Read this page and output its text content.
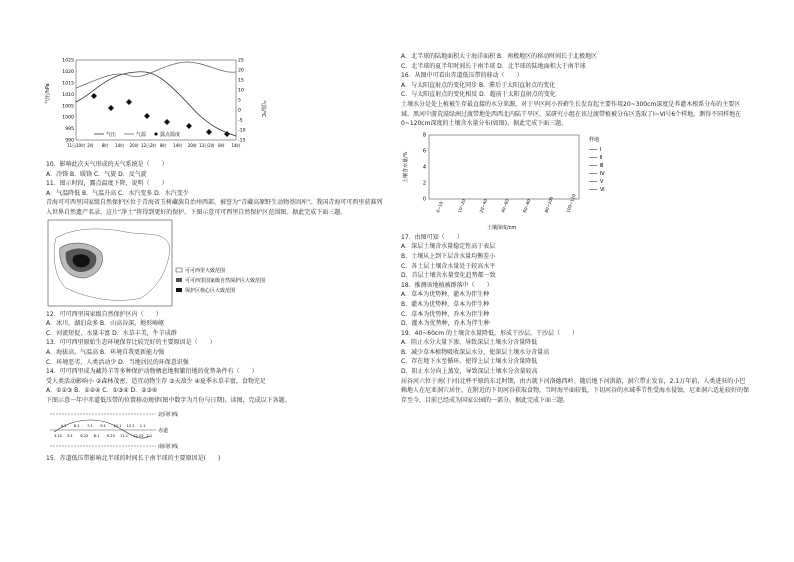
气压/hPa
气温/℃
1025
1020
1015
1010
1005
1000
995
990
25
20
15
10
5
0
-5
-10
-15
11日20时 2时 8时 14时 20时 12日2时 8时 14时 20时 13日2时 8时 14时
气压	气温	露点温度
10．影响此次天气形成的天气系统是（　　）
A．冷锋 B．暖锋 C．气旋 D．反气旋
11．图示时段，露点温度下降，说明（　　）
A．气温降低 B．气温升高 C．水汽变多 D．水汽变少
青海可可西里国家级自然保护区位于青海省玉树藏族自治州西部，被誉为“青藏高原野生动物基因库”。我国青海可可西里获准列入世界自然遗产名录，这片“净土”将得到更好的保护。下图示意可可西里自然保护区范围图。据此完成下面三题。
可可西里大致范围
可可西里国家级自然保护区大致范围
保护区核心区大致范围
12．可可西里国家级自然保护区内（　　）
A．冰川、湖泊众多 B．山高谷深，地形崎岖
C．河流短促，水量丰富 D．水草丰美，牛羊成群
13．可可西里原始生态环境保存比较完好的主要原因是（　　）
A．海拔高，气温高 B．环境自我更新能力强
C．环境恶劣，人类活动少 D．当地居民的环保意识强
14．可可西里成为藏羚羊等多种保护动物栖息地和繁衍地的优势条件有（　　）
受人类活动影响小 ②森林茂密，适宜动物生存 ③天敌少 ④夏季水草丰富，食物充足
A．①②③ B．①②④ C．①③④ D．②③④
下图示意一年中赤道低压带的位置移动规律(图中数字为月份与日期)。读图，完成以下各题。
北回归线
赤道
南回归线
3.21
4.1
5.1
6.1
6.22
7.1
8.1
9.1
9.23
10.1
11.1
12.1
12.22
1.1
2.1
15．赤道低压带影响北半球的时间长于南半球的主要原因是(　　)
A．北半球的陆地面积大于海洋面积 B．南极地区的移动时间长于北极地区
C．北半球的夏半年时间长于南半球 D．北半球的陆地面积大于南半球
16．从图中可看出赤道低压带的移动（　　）
A．与太阳直射点的变化同步 B．滞后于太阳直射点的变化
C．与太阳直射点的变化相反 D．超前于太阳直射点的变化
土壤水分是处上植被生存最直接的水分来源，对于旱区阿小苔藓生长发育起主要作用20~300cm深度是荞灌木根系分布的主要区域。黑河中游荒漠绿洲过渡带地处西西北内陆干旱区，某研究小组在该过渡带植被分布区选取了Ⅰ~Ⅵ号6个样地，测得不同样地在0~120cm深度的土壤含水量分布(如图)，据此完成下面三题。
土壤含水量/%
8
6
4
2
0
0~10	10~20	20~40	40~60	60~80	80~100	100~120
土壤深度/cm
样地
Ⅰ
Ⅱ
Ⅲ
Ⅳ
Ⅴ
Ⅵ
17．由图可知（　　）
A．深层土壤含水量稳定性高于表层
B．土壤从上到下层含水量均衡差小
C．各土层土壤含水量处于较高水平
D．首层土壤含水量变化趋势都一致
18．推测该地植被群落中（　　）
A．草本为优势种，灌木为伴生种
B．灌木为优势种，草本为伴生种
C．草本为优势种，乔木为伴生种
D．灌木为优势种，乔木为伴生种
19．40~60cm 的土壤含水量降低，形成干沙层。干沙层（　　）
A．阻止水分大量下渗，导致深层土壤水分含量降低
B．减少草本植物吸收深层水分，使深层土壤水分含量高
C．存在地下水至循环，使得上层土壤水分含量降低
D．阻止水分向上蒸发，导致深层土壤水分含量较高
屈谷河六位于南(于河)北杯平原的东北时期，由古就下河洛德西岭、随后地下河洪游，洞穴带止发育，2.1万年前，人类进驻的小巴赖地人在尼亚洞穴居住，在附近的下切河谷获取食物，当时海平面较低，下切河谷的水域季节性受海水侵蚀，尼亚洞六适址较好的保存至今，目前已经成为国家公园的一部分。据此完成下面三题。
